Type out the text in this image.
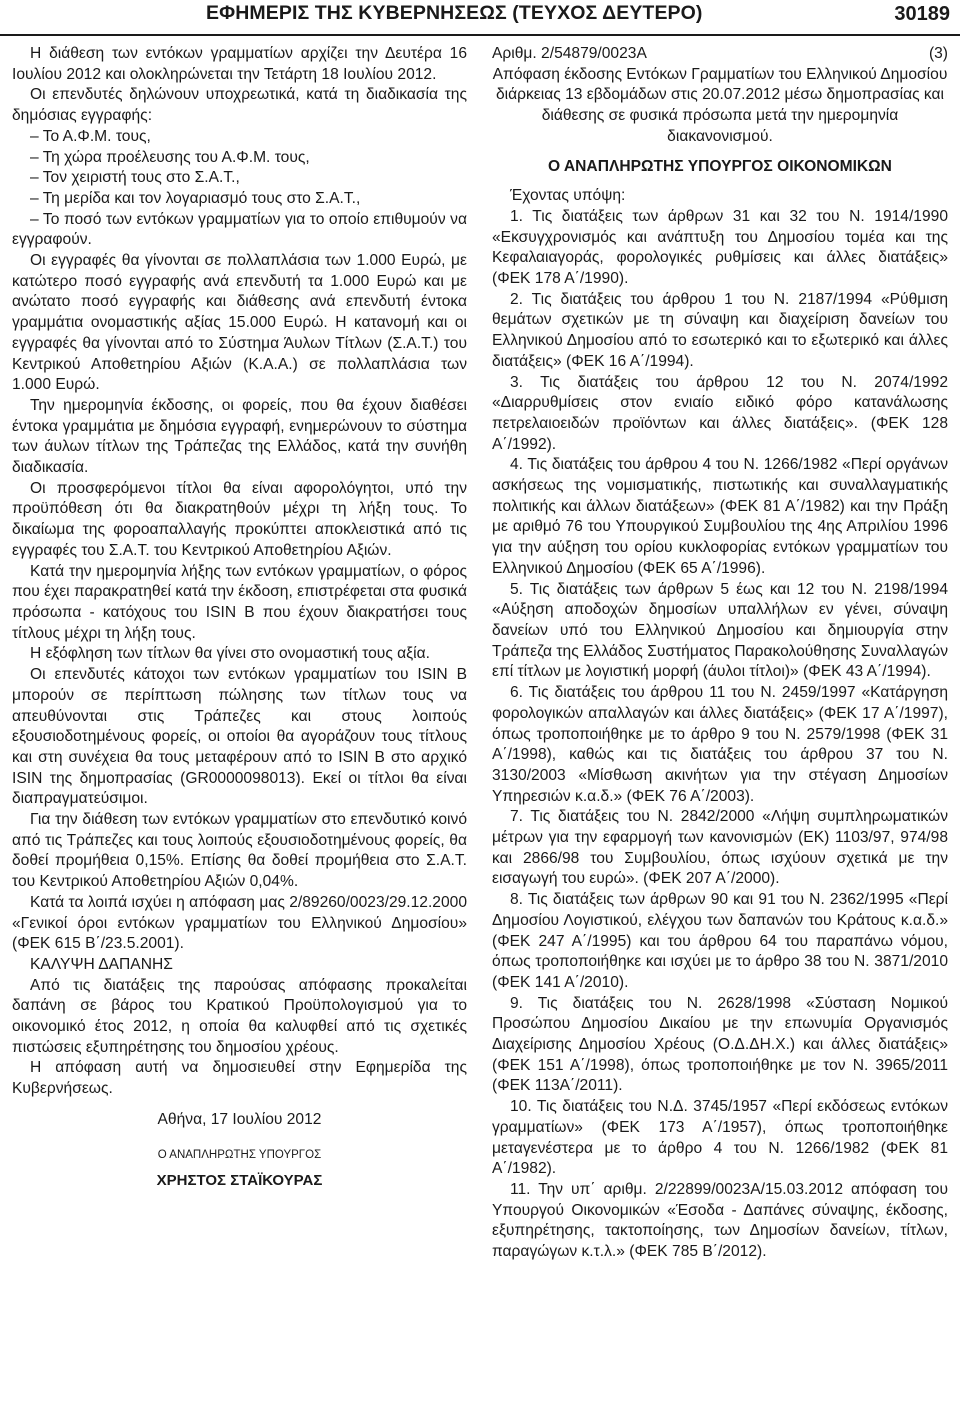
ΕΦΗΜΕΡΙΣ ΤΗΣ ΚΥΒΕΡΝΗΣΕΩΣ (ΤΕΥΧΟΣ ΔΕΥΤΕΡΟ)	30189

Η διάθεση των εντόκων γραμματίων αρχίζει την Δευτέρα 16 Ιουλίου 2012 και ολοκληρώνεται την Τετάρτη 18 Ιουλίου 2012.

Οι επενδυτές δηλώνουν υποχρεωτικά, κατά τη διαδικασία της δημόσιας εγγραφής:

– Το Α.Φ.Μ. τους,

– Τη χώρα προέλευσης του Α.Φ.Μ. τους,

– Τον χειριστή τους στο Σ.Α.Τ.,

– Τη μερίδα και τον λογαριασμό τους στο Σ.Α.Τ.,

– Το ποσό των εντόκων γραμματίων για το οποίο επιθυμούν να εγγραφούν.

Οι εγγραφές θα γίνονται σε πολλαπλάσια των 1.000 Ευρώ, με κατώτερο ποσό εγγραφής ανά επενδυτή τα 1.000 Ευρώ και με ανώτατο ποσό εγγραφής και διάθεσης ανά επενδυτή έντοκα γραμμάτια ονομαστικής αξίας 15.000 Ευρώ. Η κατανομή και οι εγγραφές θα γίνονται από το Σύστημα Άυλων Τίτλων (Σ.Α.Τ.) του Κεντρικού Αποθετηρίου Αξιών (Κ.Α.Α.) σε πολλαπλάσια των 1.000 Ευρώ.

Την ημερομηνία έκδοσης, οι φορείς, που θα έχουν διαθέσει έντοκα γραμμάτια με δημόσια εγγραφή, ενημερώνουν το σύστημα των άυλων τίτλων της Τράπεζας της Ελλάδος, κατά την συνήθη διαδικασία.

Οι προσφερόμενοι τίτλοι θα είναι αφορολόγητοι, υπό την προϋπόθεση ότι θα διακρατηθούν μέχρι τη λήξη τους. Το δικαίωμα της φοροαπαλλαγής προκύπτει αποκλειστικά από τις εγγραφές του Σ.Α.Τ. του Κεντρικού Αποθετηρίου Αξιών.

Κατά την ημερομηνία λήξης των εντόκων γραμματίων, ο φόρος που έχει παρακρατηθεί κατά την έκδοση, επιστρέφεται στα φυσικά πρόσωπα - κατόχους του ISIN B που έχουν διακρατήσει τους τίτλους μέχρι τη λήξη τους.

Η εξόφληση των τίτλων θα γίνει στο ονομαστική τους αξία.

Οι επενδυτές κάτοχοι των εντόκων γραμματίων του ISIN B μπορούν σε περίπτωση πώλησης των τίτλων τους να απευθύνονται στις Τράπεζες και στους λοιπούς εξουσιοδοτημένους φορείς, οι οποίοι θα αγοράζουν τους τίτλους και στη συνέχεια θα τους μεταφέρουν από το ISIN B στο αρχικό ISIN της δημοπρασίας (GR0000098013). Εκεί οι τίτλοι θα είναι διαπραγματεύσιμοι.

Για την διάθεση των εντόκων γραμματίων στο επενδυτικό κοινό από τις Τράπεζες και τους λοιπούς εξουσιοδοτημένους φορείς, θα δοθεί προμήθεια 0,15%. Επίσης θα δοθεί προμήθεια στο Σ.Α.Τ. του Κεντρικού Αποθετηρίου Αξιών 0,04%.

Κατά τα λοιπά ισχύει η απόφαση μας 2/89260/0023/29.12.2000 «Γενικοί όροι εντόκων γραμματίων του Ελληνικού Δημοσίου» (ΦΕΚ 615 Β΄/23.5.2001).

ΚΑΛΥΨΗ ΔΑΠΑΝΗΣ

Από τις διατάξεις της παρούσας απόφασης προκαλείται δαπάνη σε βάρος του Κρατικού Προϋπολογισμού για το οικονομικό έτος 2012, η οποία θα καλυφθεί από τις σχετικές πιστώσεις εξυπηρέτησης του δημοσίου χρέους.

Η απόφαση αυτή να δημοσιευθεί στην Εφημερίδα της Κυβερνήσεως.

Αθήνα, 17 Ιουλίου 2012
Ο ΑΝΑΠΛΗΡΩΤΗΣ ΥΠΟΥΡΓΟΣ
ΧΡΗΣΤΟΣ ΣΤΑΪΚΟΥΡΑΣ
Αριθμ. 2/54879/0023Α	(3)

Απόφαση έκδοσης Εντόκων Γραμματίων του Ελληνικού Δημοσίου διάρκειας 13 εβδομάδων στις 20.07.2012 μέσω δημοπρασίας και διάθεσης σε φυσικά πρόσωπα μετά την ημερομηνία διακανονισμού.

Ο ΑΝΑΠΛΗΡΩΤΗΣ ΥΠΟΥΡΓΟΣ ΟΙΚΟΝΟΜΙΚΩΝ

Έχοντας υπόψη:

1. Τις διατάξεις των άρθρων 31 και 32 του Ν. 1914/1990 «Εκσυγχρονισμός και ανάπτυξη του Δημοσίου τομέα και της Κεφαλαιαγοράς, φορολογικές ρυθμίσεις και άλλες διατάξεις» (ΦΕΚ 178 Α΄/1990).

2. Τις διατάξεις του άρθρου 1 του Ν. 2187/1994 «Ρύθμιση θεμάτων σχετικών με τη σύναψη και διαχείριση δανείων του Ελληνικού Δημοσίου από το εσωτερικό και το εξωτερικό και άλλες διατάξεις» (ΦΕΚ 16 Α΄/1994).

3. Τις διατάξεις του άρθρου 12 του Ν. 2074/1992 «Διαρρυθμίσεις στον ενιαίο ειδικό φόρο κατανάλωσης πετρελαιοειδών προϊόντων και άλλες διατάξεις». (ΦΕΚ 128 Α΄/1992).

4. Τις διατάξεις του άρθρου 4 του Ν. 1266/1982 «Περί οργάνων ασκήσεως της νομισματικής, πιστωτικής και συναλλαγματικής πολιτικής και άλλων διατάξεων» (ΦΕΚ 81 Α΄/1982) και την Πράξη με αριθμό 76 του Υπουργικού Συμβουλίου της 4ης Απριλίου 1996 για την αύξηση του ορίου κυκλοφορίας εντόκων γραμματίων του Ελληνικού Δημοσίου (ΦΕΚ 65 Α΄/1996).

5. Τις διατάξεις των άρθρων 5 έως και 12 του Ν. 2198/1994 «Αύξηση αποδοχών δημοσίων υπαλλήλων εν γένει, σύναψη δανείων υπό του Ελληνικού Δημοσίου και δημιουργία στην Τράπεζα της Ελλάδος Συστήματος Παρακολούθησης Συναλλαγών επί τίτλων με λογιστική μορφή (άυλοι τίτλοι)» (ΦΕΚ 43 Α΄/1994).

6. Τις διατάξεις του άρθρου 11 του Ν. 2459/1997 «Κατάργηση φορολογικών απαλλαγών και άλλες διατάξεις» (ΦΕΚ 17 Α΄/1997), όπως τροποποιήθηκε με το άρθρο 9 του Ν. 2579/1998 (ΦΕΚ 31 Α΄/1998), καθώς και τις διατάξεις του άρθρου 37 του Ν. 3130/2003 «Μίσθωση ακινήτων για την στέγαση Δημοσίων Υπηρεσιών κ.α.δ.» (ΦΕΚ 76 Α΄/2003).

7. Τις διατάξεις του Ν. 2842/2000 «Λήψη συμπληρωματικών μέτρων για την εφαρμογή των κανονισμών (ΕΚ) 1103/97, 974/98 και 2866/98 του Συμβουλίου, όπως ισχύουν σχετικά με την εισαγωγή του ευρώ». (ΦΕΚ 207 Α΄/2000).

8. Τις διατάξεις των άρθρων 90 και 91 του Ν. 2362/1995 «Περί Δημοσίου Λογιστικού, ελέγχου των δαπανών του Κράτους κ.α.δ.» (ΦΕΚ 247 Α΄/1995) και του άρθρου 64 του παραπάνω νόμου, όπως τροποποιήθηκε και ισχύει με το άρθρο 38 του Ν. 3871/2010 (ΦΕΚ 141 Α΄/2010).

9. Τις διατάξεις του Ν. 2628/1998 «Σύσταση Νομικού Προσώπου Δημοσίου Δικαίου με την επωνυμία Οργανισμός Διαχείρισης Δημοσίου Χρέους (Ο.Δ.ΔΗ.Χ.) και άλλες διατάξεις» (ΦΕΚ 151 Α΄/1998), όπως τροποποιήθηκε με τον Ν. 3965/2011 (ΦΕΚ 113Α΄/2011).

10. Τις διατάξεις του Ν.Δ. 3745/1957 «Περί εκδόσεως εντόκων γραμματίων» (ΦΕΚ 173 Α΄/1957), όπως τροποποιήθηκε μεταγενέστερα με το άρθρο 4 του Ν. 1266/1982 (ΦΕΚ 81 Α΄/1982).

11. Την υπ΄ αριθμ. 2/22899/0023Α/15.03.2012 απόφαση του Υπουργού Οικονομικών «Έσοδα - Δαπάνες σύναψης, έκδοσης, εξυπηρέτησης, τακτοποίησης, των Δημοσίων δανείων, τίτλων, παραγώγων κ.τ.λ.» (ΦΕΚ 785 Β΄/2012).
